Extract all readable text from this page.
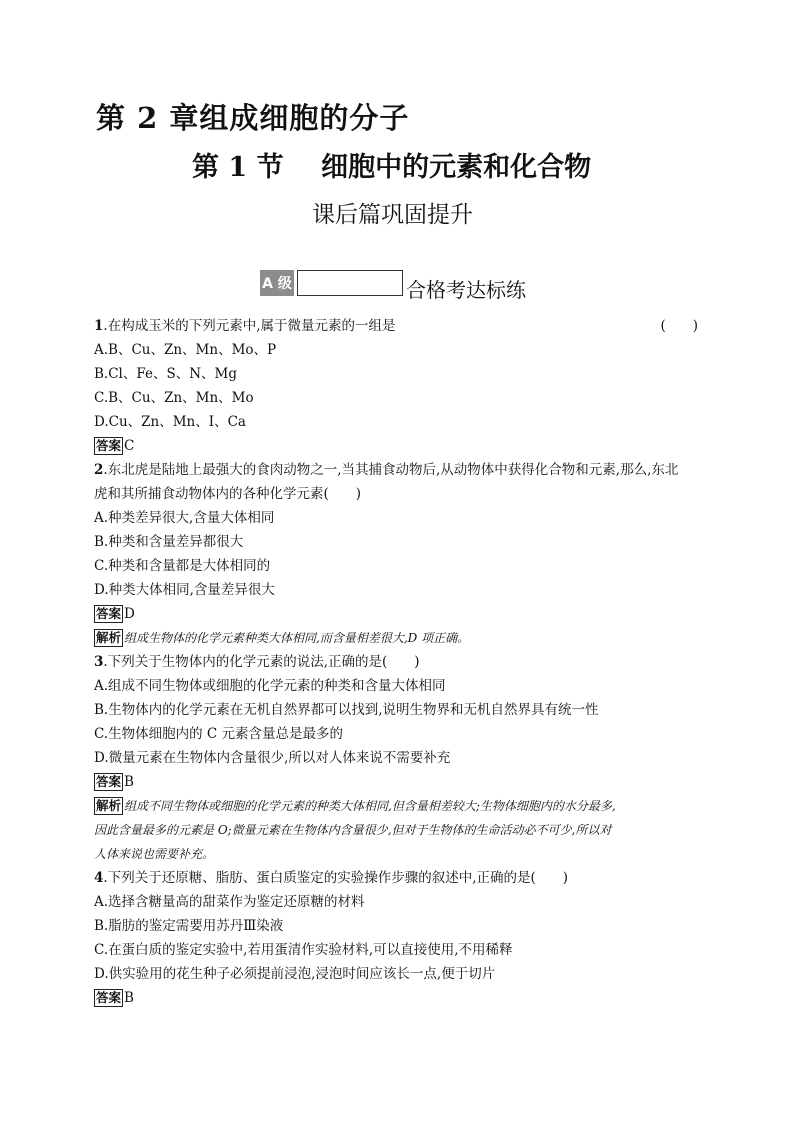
第 2 章组成细胞的分子
第 1 节    细胞中的元素和化合物
课后篇巩固提升
A 级	合格考达标练
1.在构成玉米的下列元素中,属于微量元素的一组是	(　　)
A.B、Cu、Zn、Mn、Mo、P
B.Cl、Fe、S、N、Mg
C.B、Cu、Zn、Mn、Mo
D.Cu、Zn、Mn、I、Ca
答案 C
2.东北虎是陆地上最强大的食肉动物之一,当其捕食动物后,从动物体中获得化合物和元素,那么,东北
虎和其所捕食动物体内的各种化学元素(　　)
A.种类差异很大,含量大体相同
B.种类和含量差异都很大
C.种类和含量都是大体相同的
D.种类大体相同,含量差异很大
答案 D
解析 组成生物体的化学元素种类大体相同,而含量相差很大,D 项正确。
3.下列关于生物体内的化学元素的说法,正确的是(　　)
A.组成不同生物体或细胞的化学元素的种类和含量大体相同
B.生物体内的化学元素在无机自然界都可以找到,说明生物界和无机自然界具有统一性
C.生物体细胞内的 C 元素含量总是最多的
D.微量元素在生物体内含量很少,所以对人体来说不需要补充
答案 B
解析 组成不同生物体或细胞的化学元素的种类大体相同,但含量相差较大;生物体细胞内的水分最多,
因此含量最多的元素是 O;微量元素在生物体内含量很少,但对于生物体的生命活动必不可少,所以对
人体来说也需要补充。
4.下列关于还原糖、脂肪、蛋白质鉴定的实验操作步骤的叙述中,正确的是(　　)
A.选择含糖量高的甜菜作为鉴定还原糖的材料
B.脂肪的鉴定需要用苏丹Ⅲ染液
C.在蛋白质的鉴定实验中,若用蛋清作实验材料,可以直接使用,不用稀释
D.供实验用的花生种子必须提前浸泡,浸泡时间应该长一点,便于切片
答案 B
